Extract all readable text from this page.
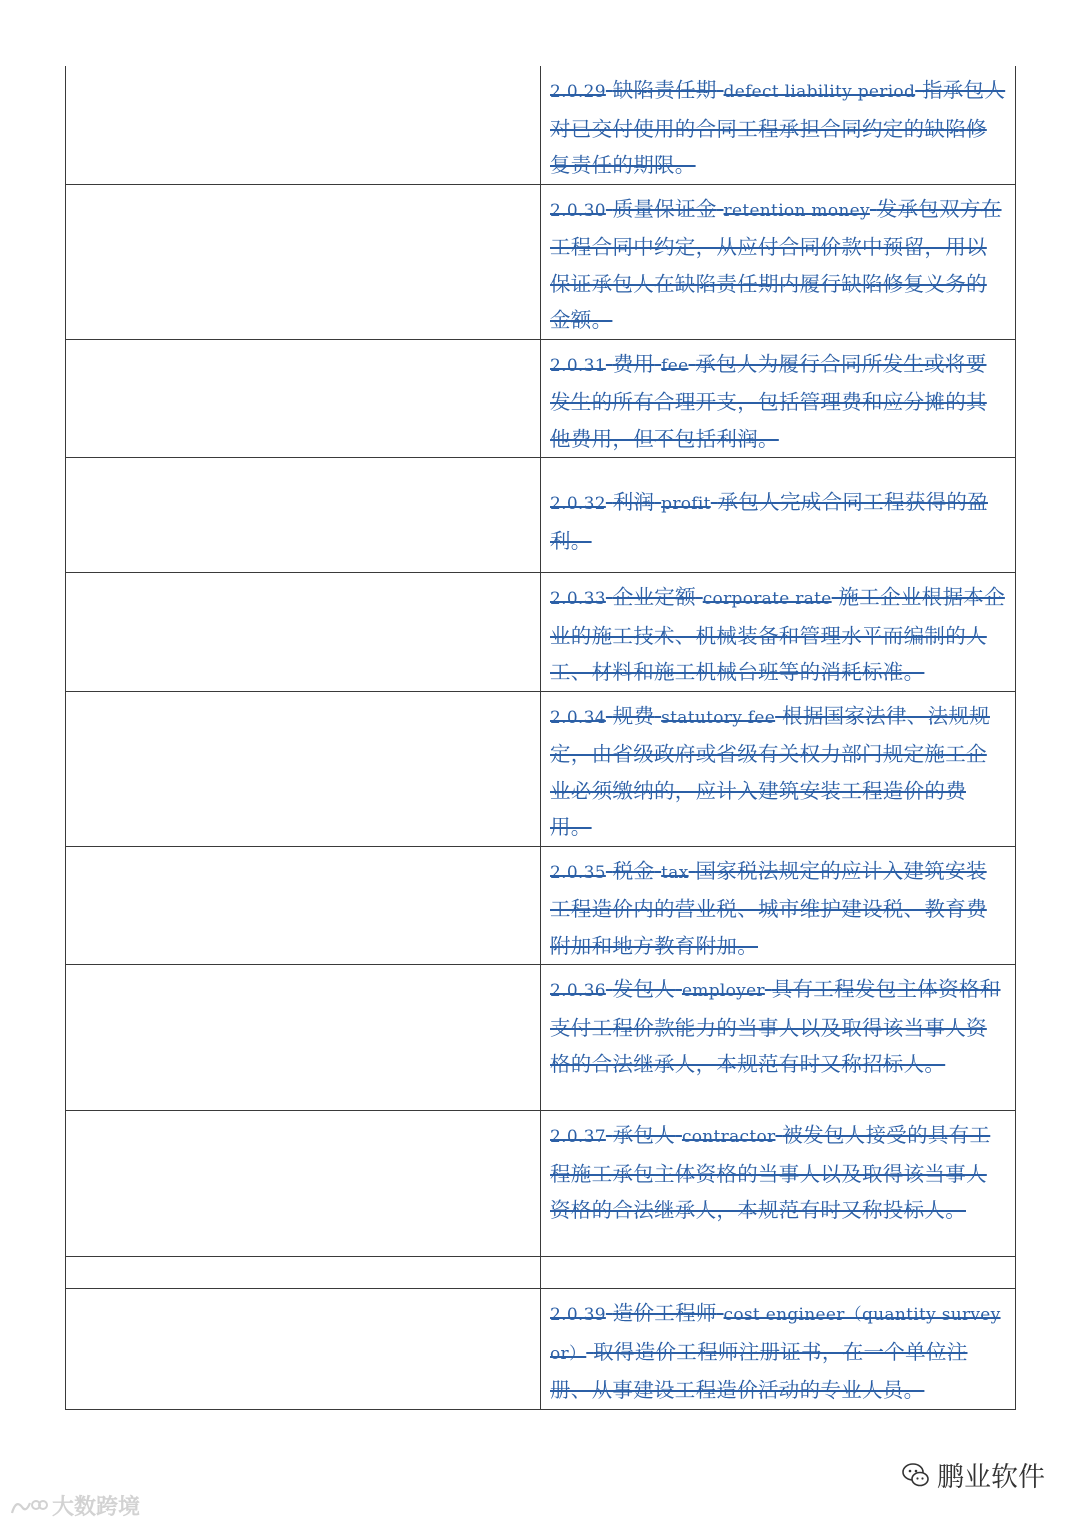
	2.0.29 缺陷责任期 defect liability period 指承包人对已交付使用的合同工程承担合同约定的缺陷修复责任的期限。

	2.0.30 质量保证金 retention money 发承包双方在工程合同中约定，从应付合同价款中预留，用以保证承包人在缺陷责任期内履行缺陷修复义务的金额。

	2.0.31 费用 fee 承包人为履行合同所发生或将要发生的所有合理开支，包括管理费和应分摊的其他费用，但不包括利润。

	2.0.32 利润 profit 承包人完成合同工程获得的盈利。

	2.0.33 企业定额 corporate rate 施工企业根据本企业的施工技术、机械装备和管理水平而编制的人工、材料和施工机械台班等的消耗标准。

	2.0.34 规费 statutory fee 根据国家法律、法规规定，由省级政府或省级有关权力部门规定施工企业必须缴纳的，应计入建筑安装工程造价的费用。

	2.0.35 税金 tax 国家税法规定的应计入建筑安装工程造价内的营业税、城市维护建设税、教育费附加和地方教育附加。

	2.0.36 发包人 employer 具有工程发包主体资格和支付工程价款能力的当事人以及取得该当事人资格的合法继承人，本规范有时又称招标人。

	2.0.37 承包人 contractor 被发包人接受的具有工程施工承包主体资格的当事人以及取得该当事人资格的合法继承人，本规范有时又称投标人。

	2.0.39 造价工程师 cost engineer（quantity surveyor） 取得造价工程师注册证书，在一个单位注册、从事建设工程造价活动的专业人员。
鹏业软件
大数跨境
